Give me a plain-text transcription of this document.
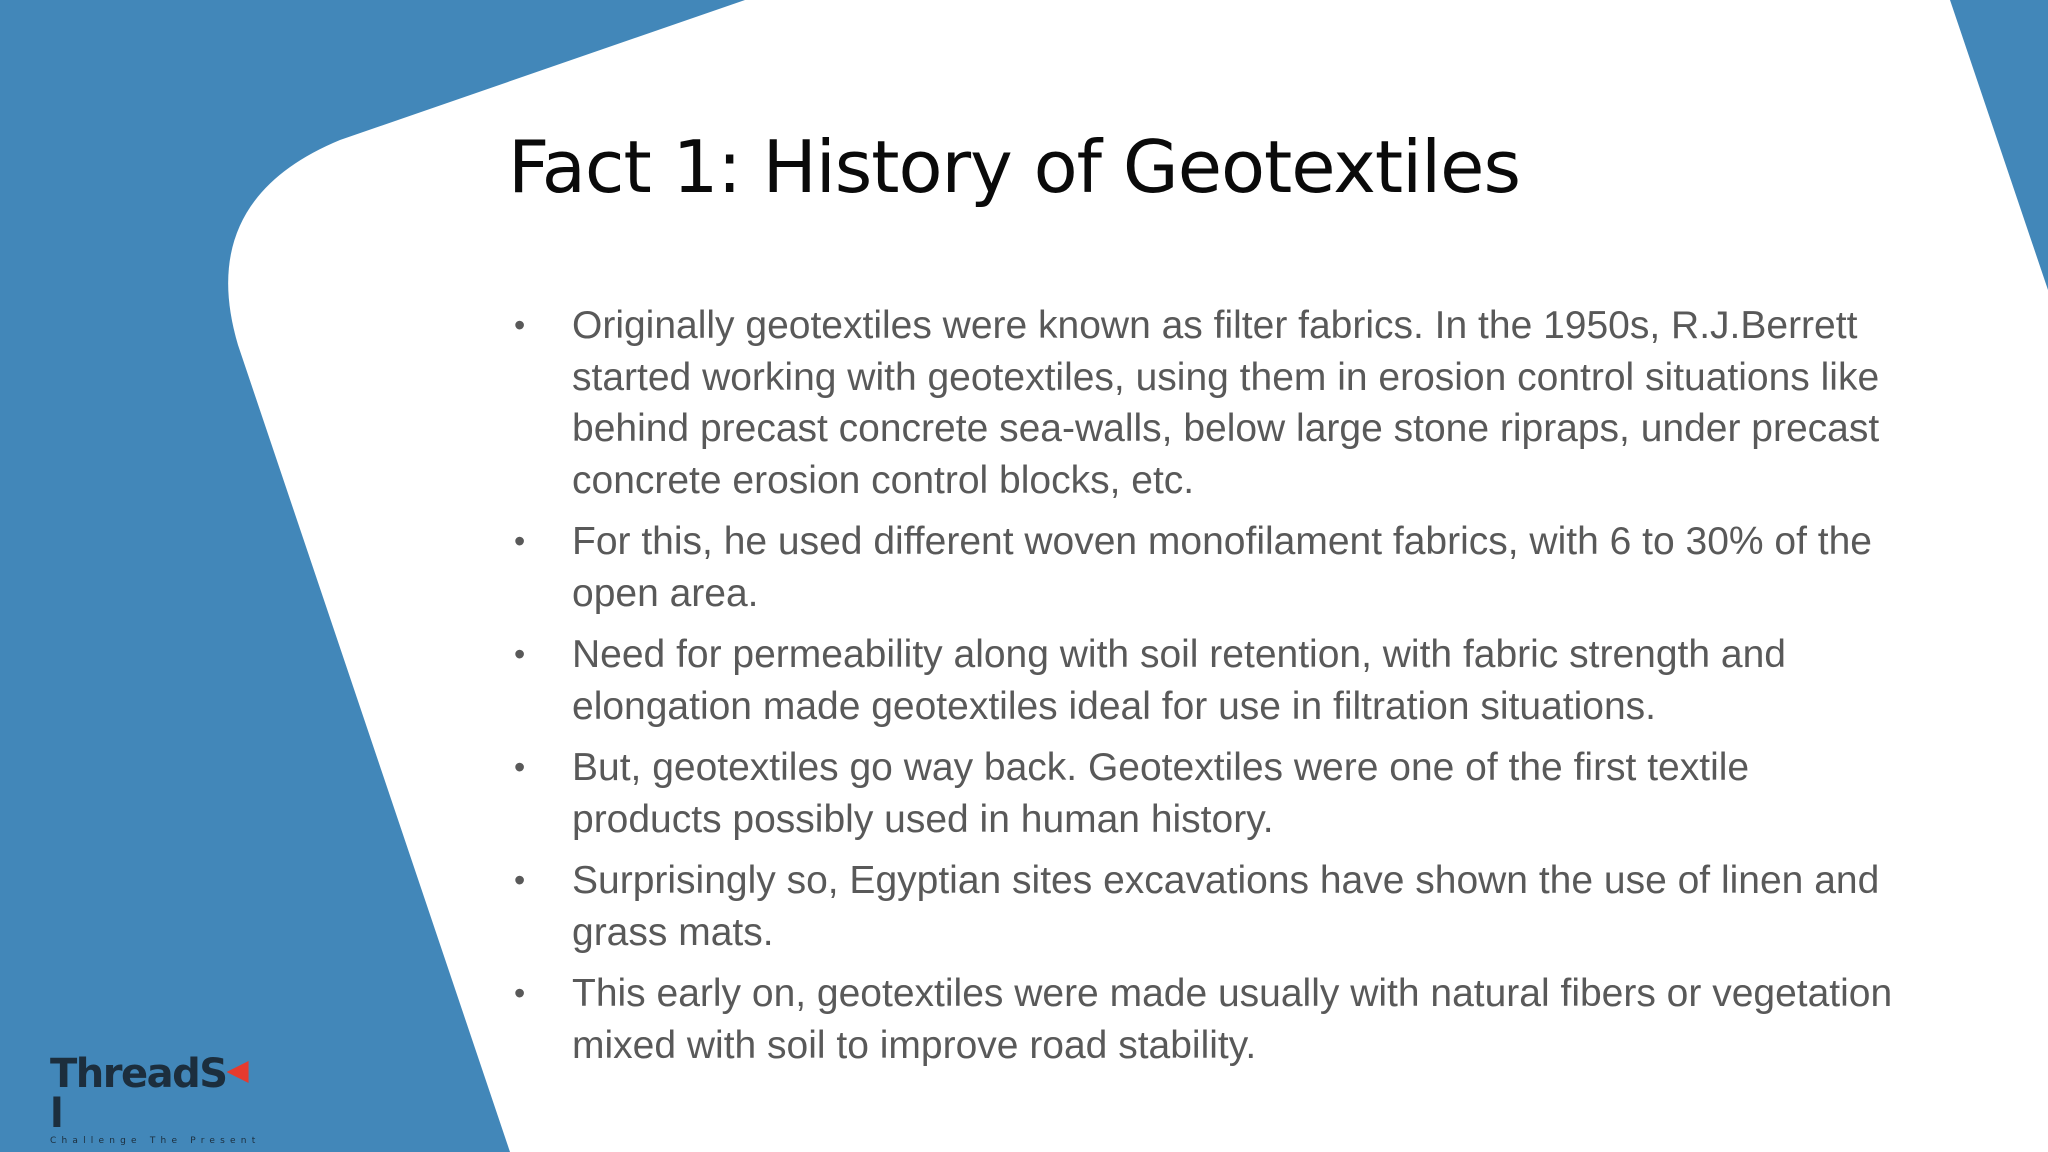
Fact 1: History of Geotextiles
• Originally geotextiles were known as filter fabrics. In the 1950s, R.J.Berrett started working with geotextiles, using them in erosion control situations like behind precast concrete sea-walls, below large stone ripraps, under precast concrete erosion control blocks, etc.
• For this, he used different woven monofilament fabrics, with 6 to 30% of the open area.
• Need for permeability along with soil retention, with fabric strength and elongation made geotextiles ideal for use in filtration situations.
• But, geotextiles go way back. Geotextiles were one of the first textile products possibly used in human history.
• Surprisingly so, Egyptian sites excavations have shown the use of linen and grass mats.
• This early on, geotextiles were made usually with natural fibers or vegetation mixed with soil to improve road stability.
ThreadSl
Challenge The Present
